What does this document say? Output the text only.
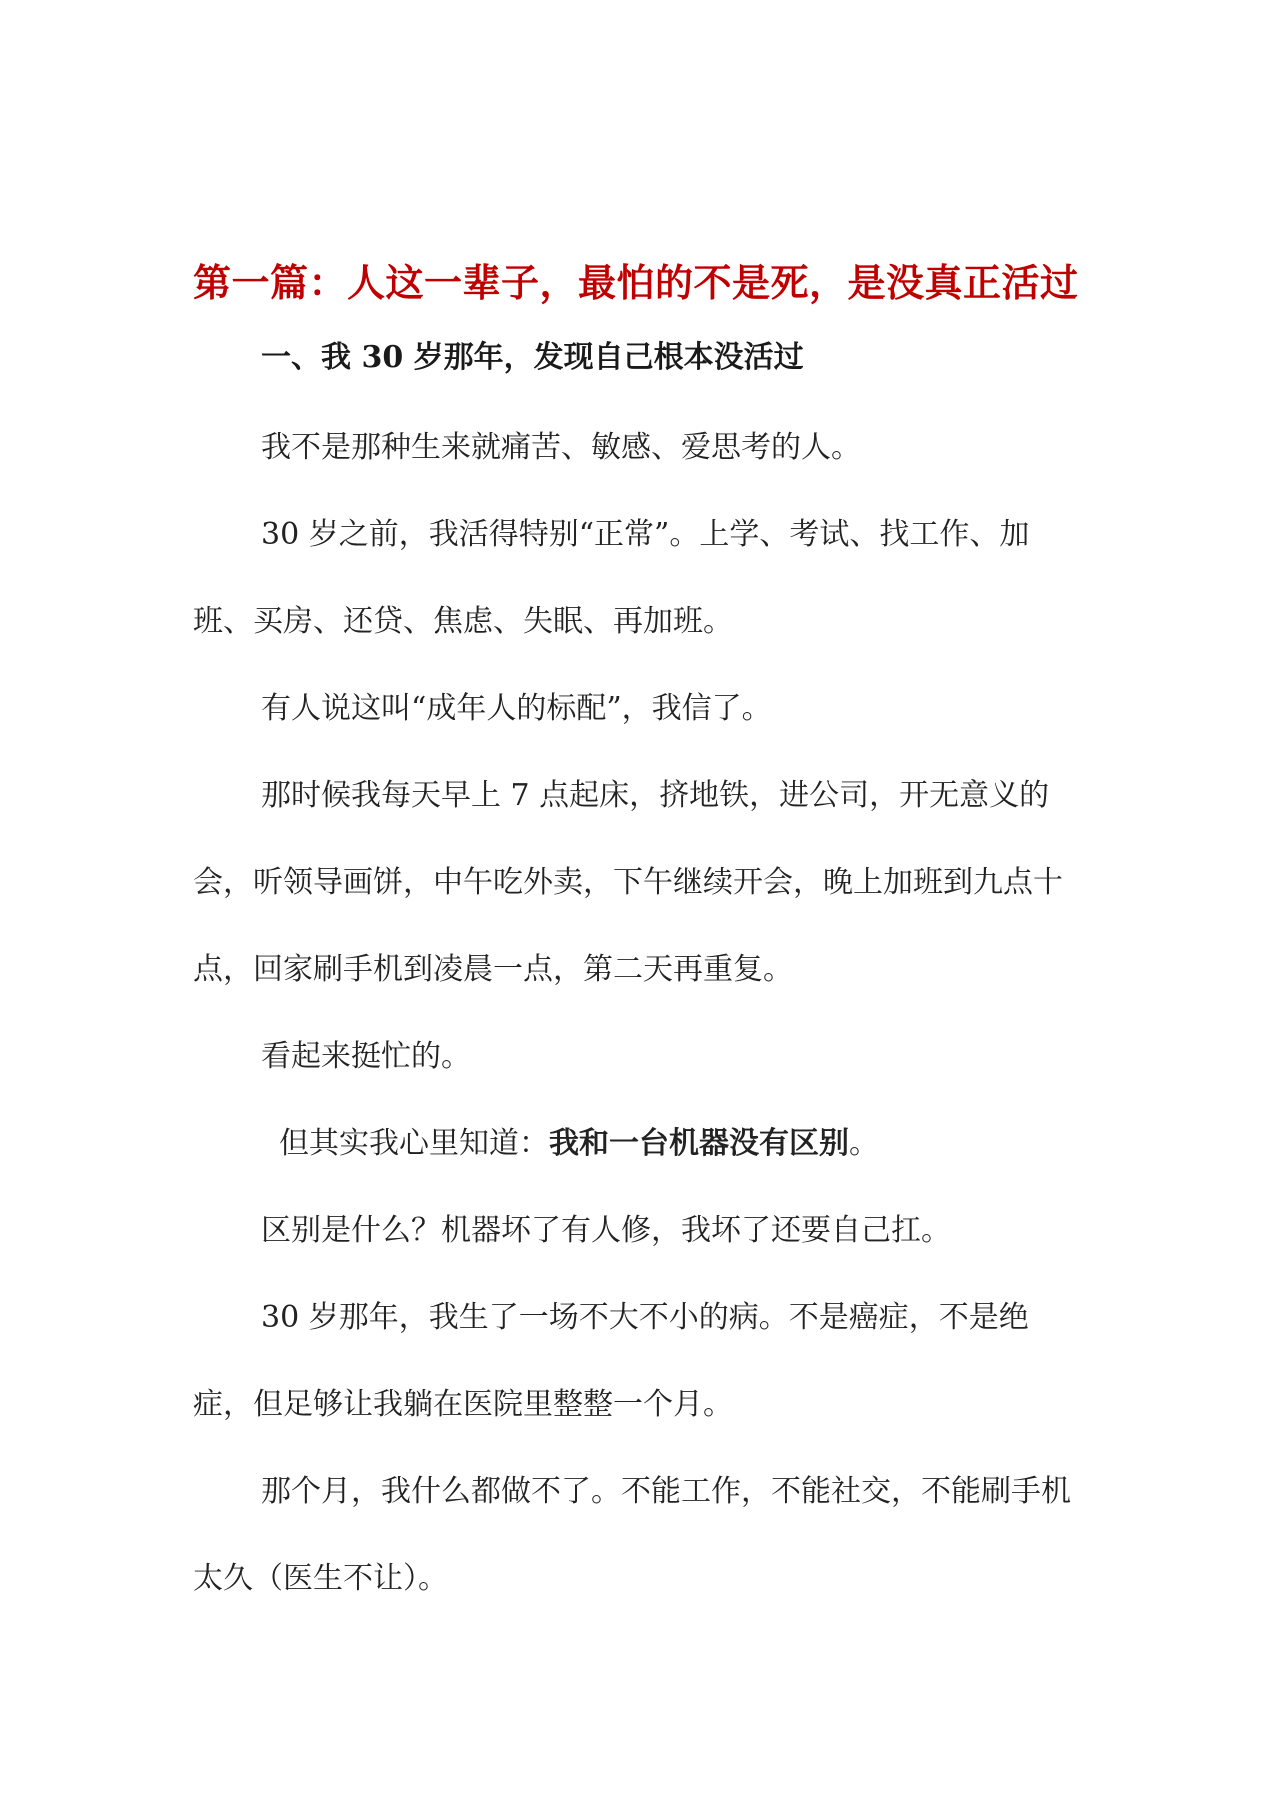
第一篇：人这一辈子，最怕的不是死，是没真正活过
一、我 30 岁那年，发现自己根本没活过

我不是那种生来就痛苦、敏感、爱思考的人。

30 岁之前，我活得特别“正常”。上学、考试、找工作、加班、买房、还贷、焦虑、失眠、再加班。

有人说这叫“成年人的标配”，我信了。

那时候我每天早上 7 点起床，挤地铁，进公司，开无意义的会，听领导画饼，中午吃外卖，下午继续开会，晚上加班到九点十点，回家刷手机到凌晨一点，第二天再重复。

看起来挺忙的。

但其实我心里知道：我和一台机器没有区别。

区别是什么？机器坏了有人修，我坏了还要自己扛。

30 岁那年，我生了一场不大不小的病。不是癌症，不是绝症，但足够让我躺在医院里整整一个月。

那个月，我什么都做不了。不能工作，不能社交，不能刷手机太久（医生不让）。
